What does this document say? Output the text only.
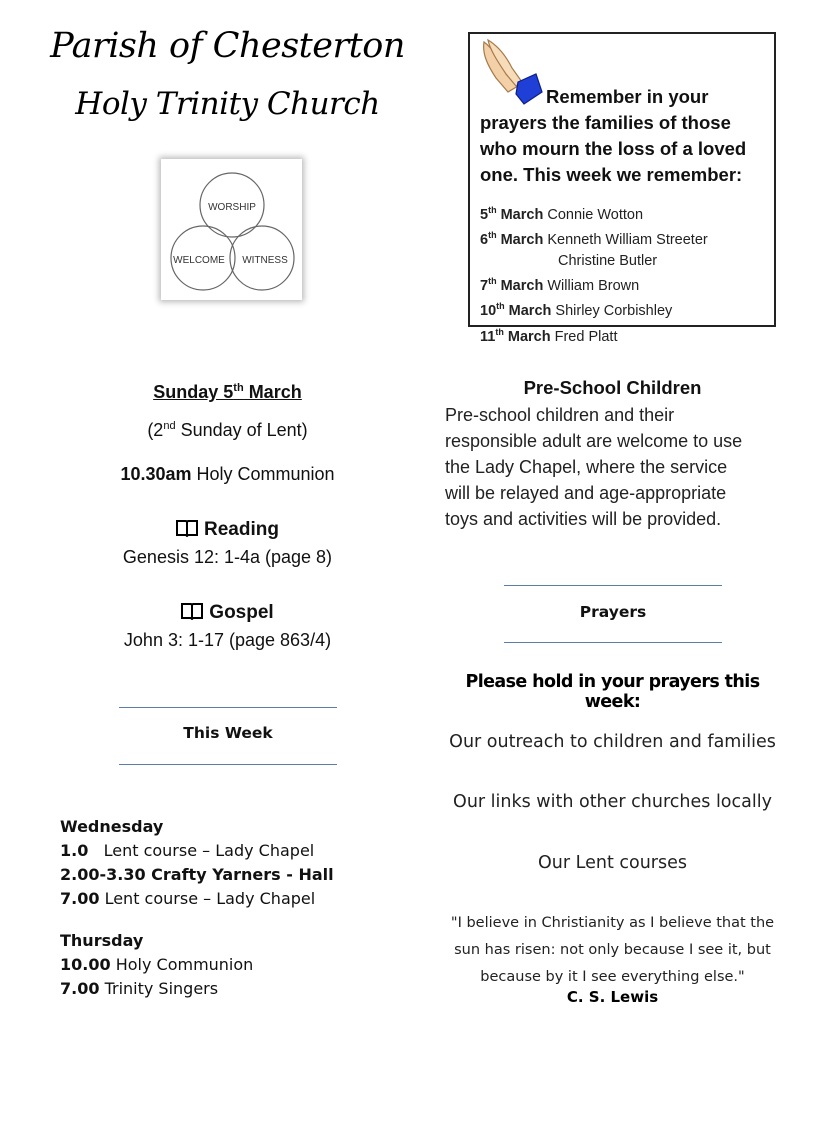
Parish of Chesterton
Holy Trinity Church
WORSHIP
WELCOME WITNESS
Remember in your
prayers the families of those who mourn the loss of a loved one. This week we remember:
5th March Connie Wotton
6th March Kenneth William Streeter
Christine Butler
7th March William Brown
10th March Shirley Corbishley
11th March Fred Platt
Sunday 5th March
(2nd Sunday of Lent)
10.30am Holy Communion
Reading
Genesis 12: 1-4a (page 8)
Gospel
John 3: 1-17 (page 863/4)
This Week
Wednesday
1.0   Lent course – Lady Chapel
2.00-3.30 Crafty Yarners - Hall
7.00 Lent course – Lady Chapel
Thursday
10.00 Holy Communion
7.00 Trinity Singers
Pre-School Children
Pre-school children and their
responsible adult are welcome to use
the Lady Chapel, where the service
will be relayed and age-appropriate
toys and activities will be provided.
Prayers
Please hold in your prayers this week:
Our outreach to children and families
Our links with other churches locally
Our Lent courses
"I believe in Christianity as I believe that the
sun has risen: not only because I see it, but
because by it I see everything else."
C. S. Lewis
